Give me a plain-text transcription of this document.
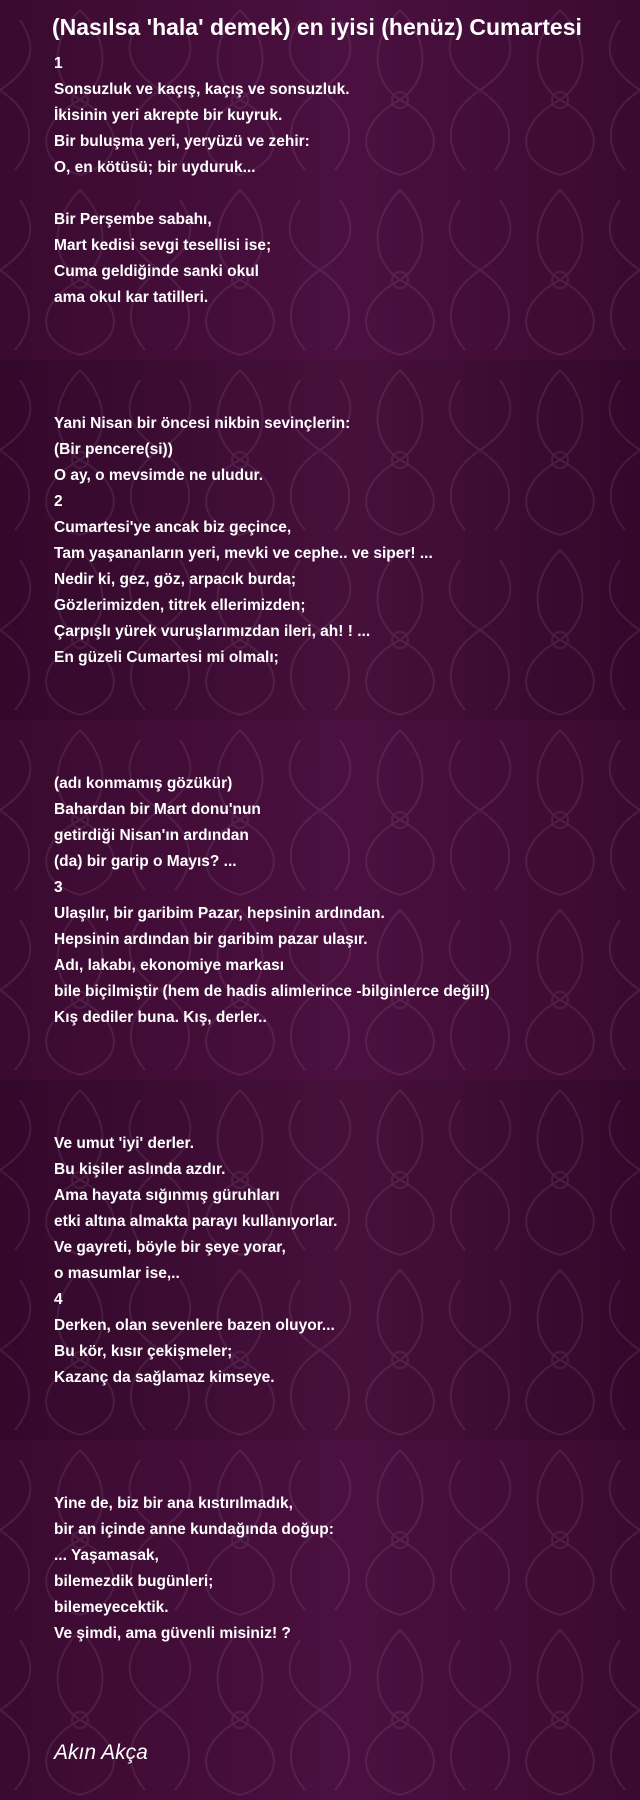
(Nasılsa 'hala' demek) en iyisi (henüz) Cumartesi
1
Sonsuzluk ve kaçış, kaçış ve sonsuzluk.
İkisinin yeri akrepte bir kuyruk.
Bir buluşma yeri, yeryüzü ve zehir:
O, en kötüsü; bir uyduruk...
Bir Perşembe sabahı,
Mart kedisi sevgi tesellisi ise;
Cuma geldiğinde sanki okul
ama okul kar tatilleri.
Yani Nisan bir öncesi nikbin sevinçlerin:
(Bir pencere(si))
O ay, o mevsimde ne uludur.
2
Cumartesi'ye ancak biz geçince,
Tam yaşananların yeri, mevki ve cephe.. ve siper! ...
Nedir ki, gez, göz, arpacık burda;
Gözlerimizden, titrek ellerimizden;
Çarpışlı yürek vuruşlarımızdan ileri, ah! ! ...
En güzeli Cumartesi mi olmalı;
(adı konmamış gözükür)
Bahardan bir Mart donu'nun
getirdiği Nisan'ın ardından
(da) bir garip o Mayıs? ...
3
Ulaşılır, bir garibim Pazar, hepsinin ardından.
Hepsinin ardından bir garibim pazar ulaşır.
Adı, lakabı, ekonomiye markası
bile biçilmiştir (hem de hadis alimlerince -bilginlerce değil!)
Kış dediler buna. Kış, derler..
Ve umut 'iyi' derler.
Bu kişiler aslında azdır.
Ama hayata sığınmış güruhları
etki altına almakta parayı kullanıyorlar.
Ve gayreti, böyle bir şeye yorar,
o masumlar ise,..
4
Derken, olan sevenlere bazen oluyor...
Bu kör, kısır çekişmeler;
Kazanç da sağlamaz kimseye.
Yine de, biz bir ana kıstırılmadık,
bir an içinde anne kundağında doğup:
... Yaşamasak,
bilemezdik bugünleri;
bilemeyecektik.
Ve şimdi, ama güvenli misiniz! ?

Akın Akça
